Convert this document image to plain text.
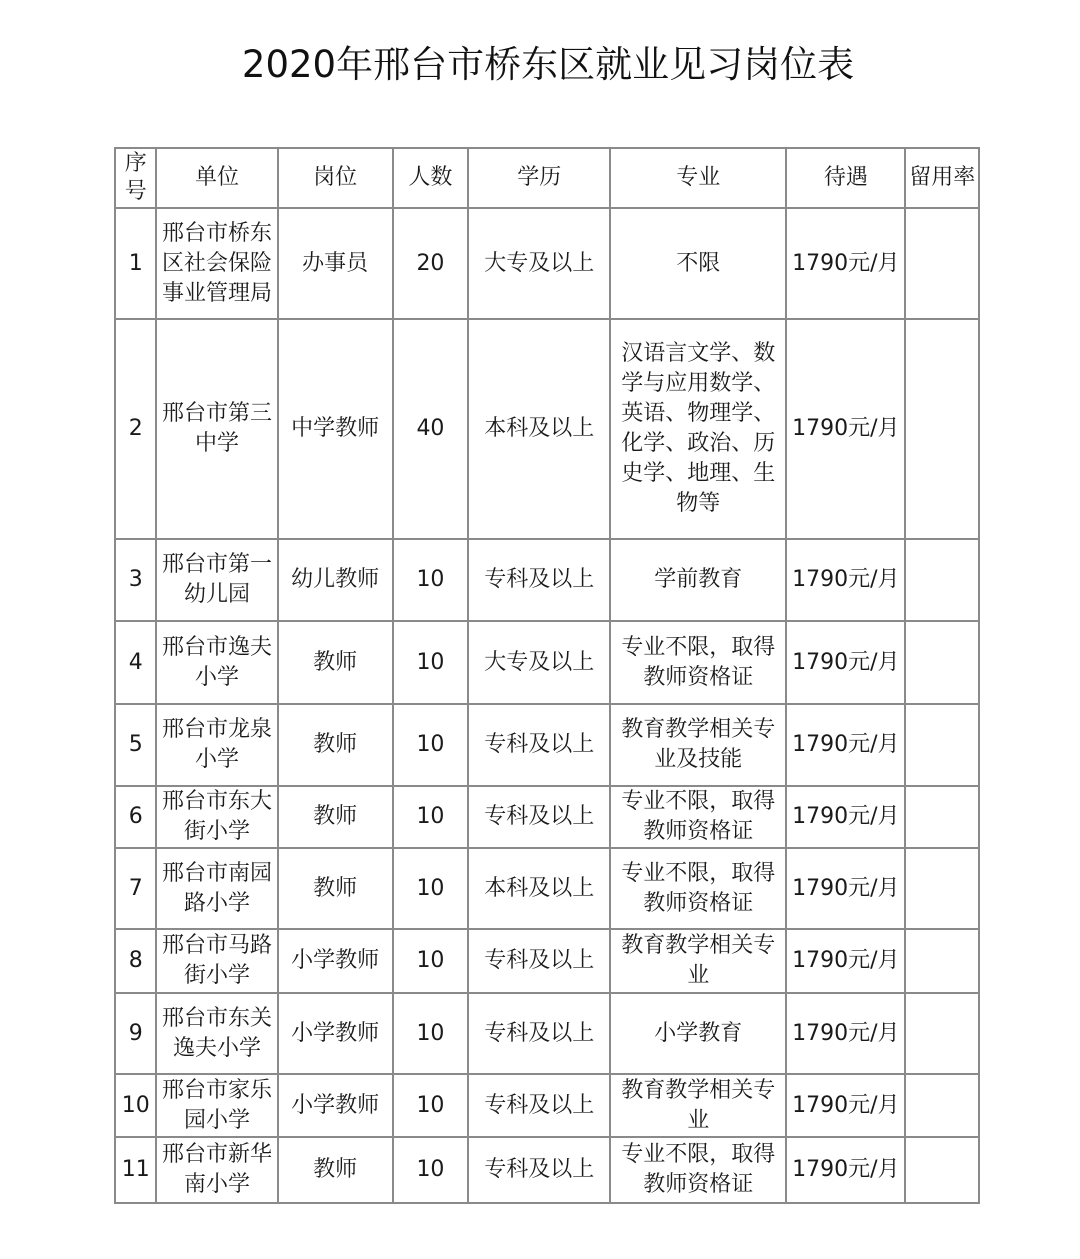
2020年邢台市桥东区就业见习岗位表
序号	单位	岗位	人数	学历	专业	待遇	留用率
1	邢台市桥东区社会保险事业管理局	办事员	20	大专及以上	不限	1790元/月	
2	邢台市第三中学	中学教师	40	本科及以上	汉语言文学、数学与应用数学、英语、物理学、化学、政治、历史学、地理、生物等	1790元/月	
3	邢台市第一幼儿园	幼儿教师	10	专科及以上	学前教育	1790元/月	
4	邢台市逸夫小学	教师	10	大专及以上	专业不限，取得教师资格证	1790元/月	
5	邢台市龙泉小学	教师	10	专科及以上	教育教学相关专业及技能	1790元/月	
6	邢台市东大街小学	教师	10	专科及以上	专业不限，取得教师资格证	1790元/月	
7	邢台市南园路小学	教师	10	本科及以上	专业不限，取得教师资格证	1790元/月	
8	邢台市马路街小学	小学教师	10	专科及以上	教育教学相关专业	1790元/月	
9	邢台市东关逸夫小学	小学教师	10	专科及以上	小学教育	1790元/月	
10	邢台市家乐园小学	小学教师	10	专科及以上	教育教学相关专业	1790元/月	
11	邢台市新华南小学	教师	10	专科及以上	专业不限，取得教师资格证	1790元/月	
